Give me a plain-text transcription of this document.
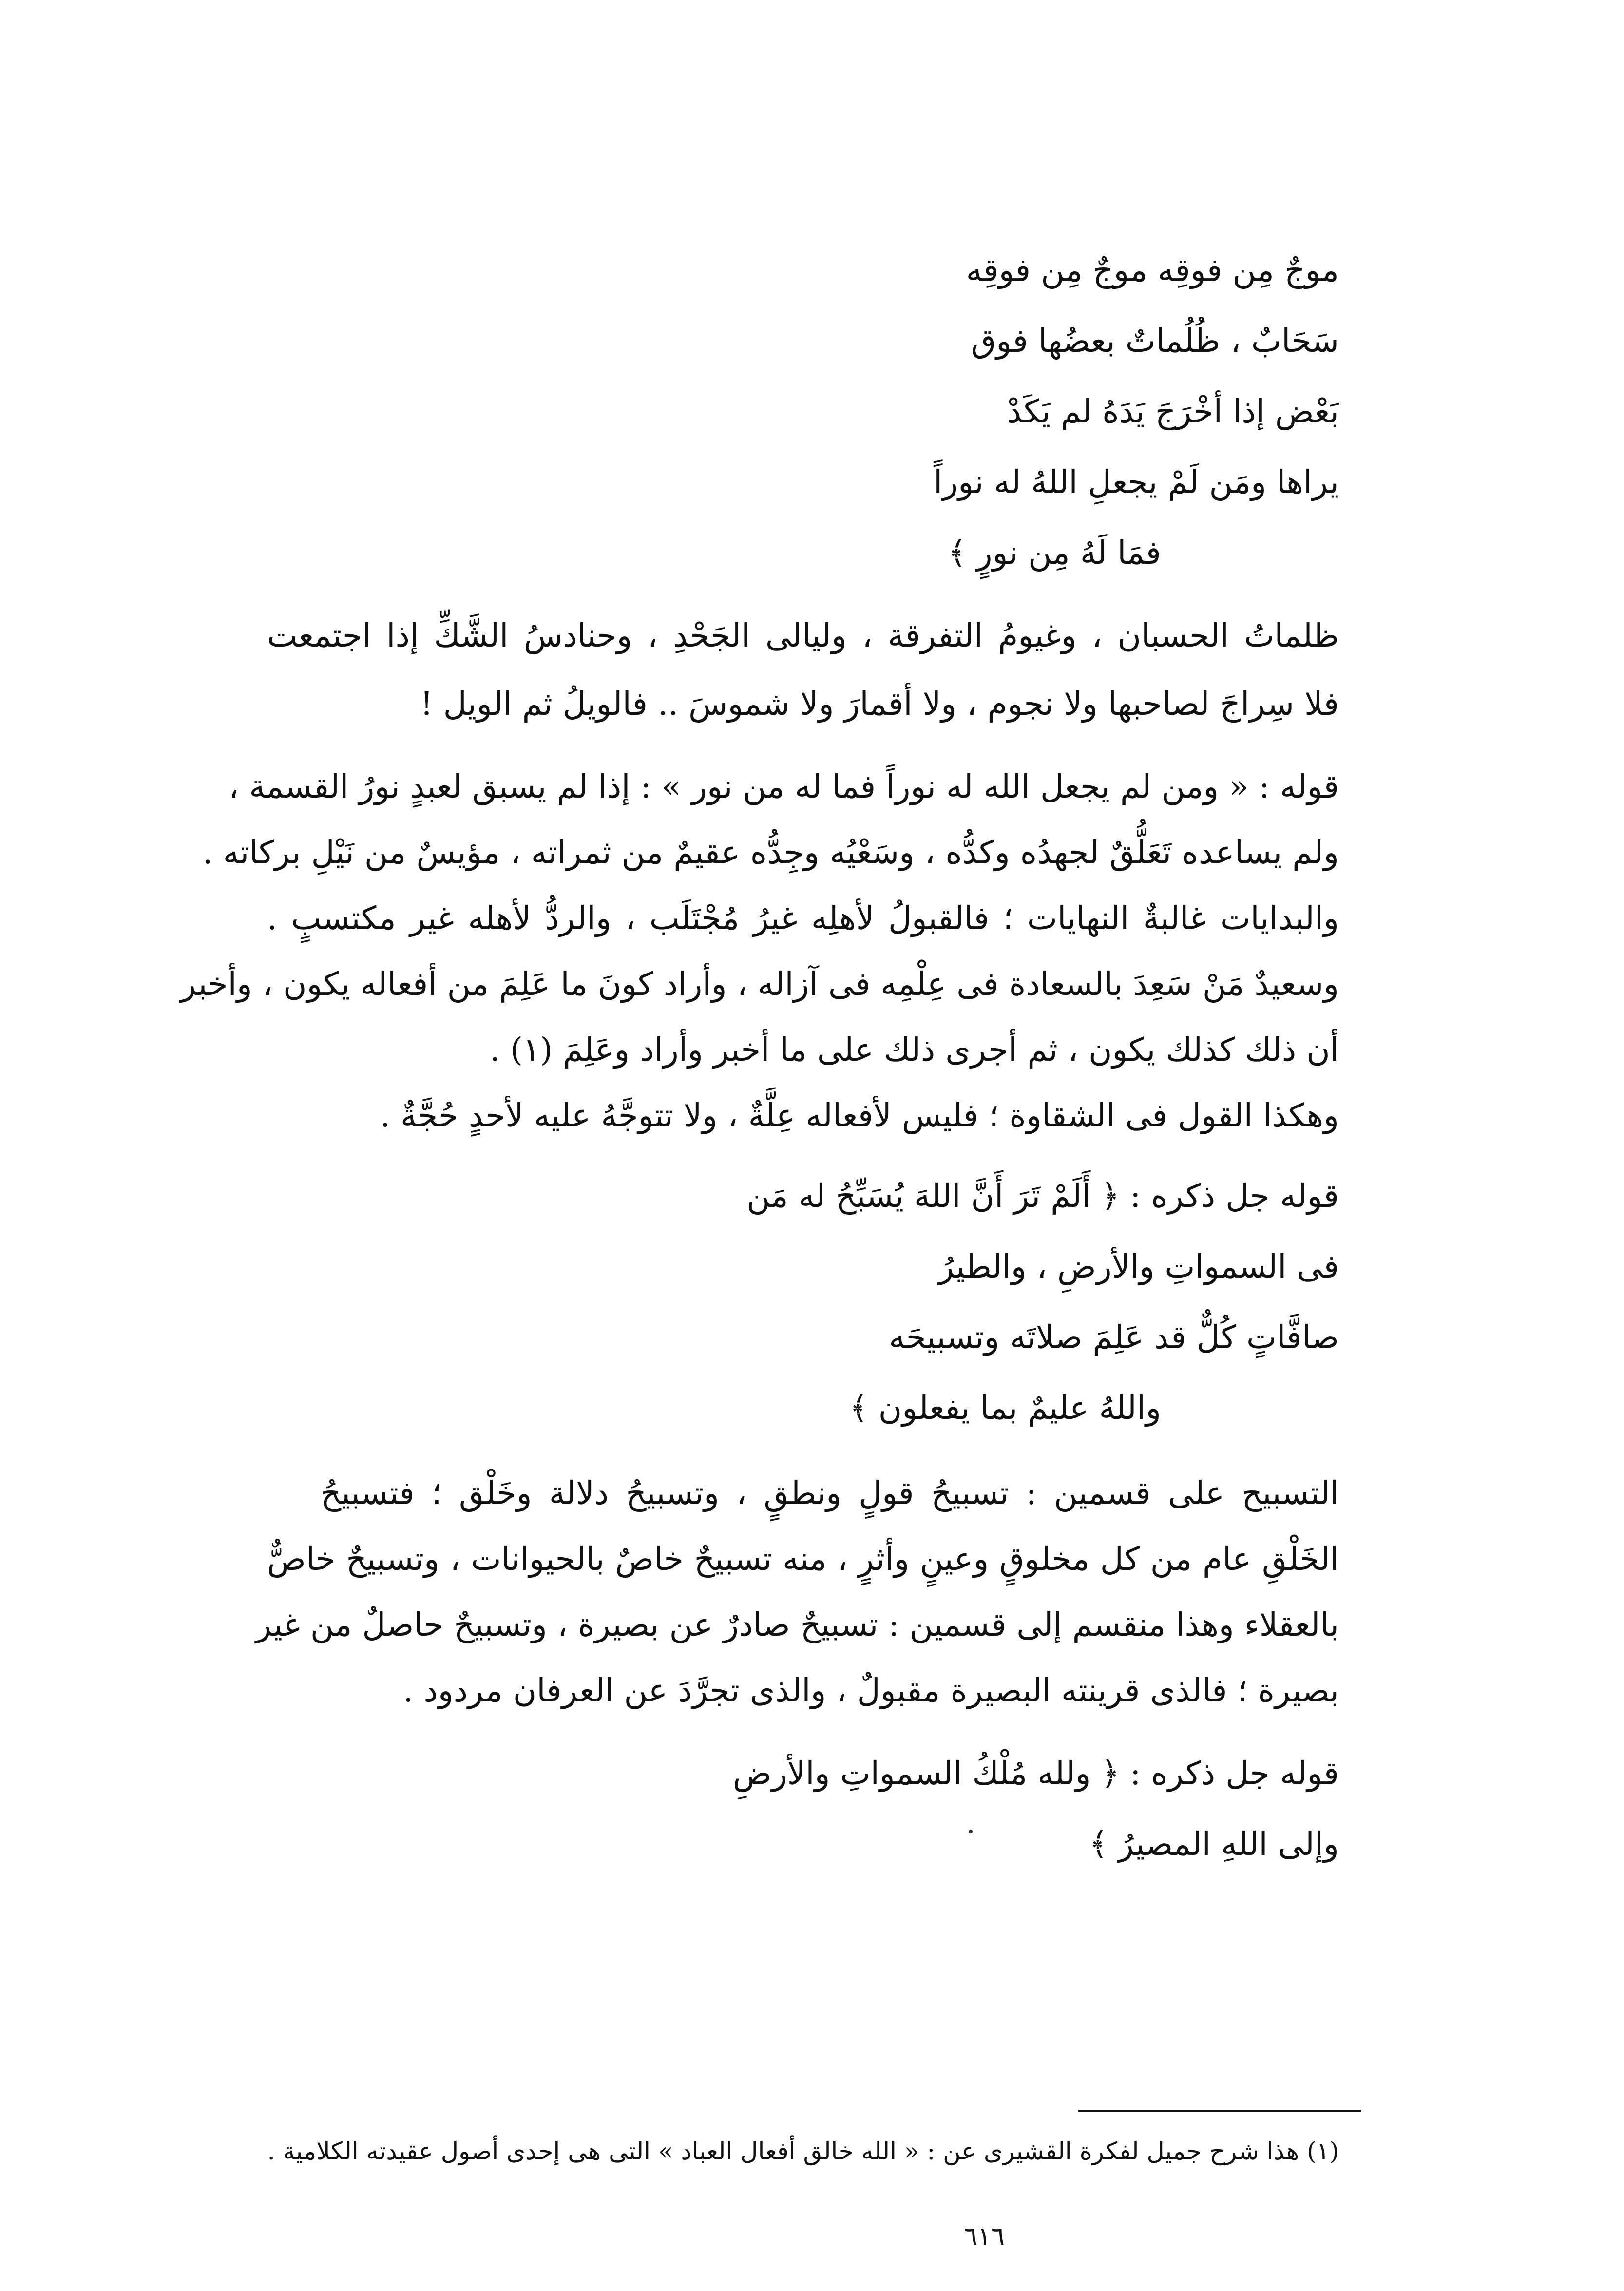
موجٌ مِن فوقِه موجٌ مِن فوقِه
سَحَابٌ ، ظُلُماتٌ بعضُها فوق
بَعْض إذا أخْرَجَ يَدَهُ لم يَكَدْ
يراها ومَن لَمْ يجعلِ اللهُ له نوراً
فمَا لَهُ مِن نورٍ ﴾
ظلماتُ الحسبان ، وغيومُ التفرقة ، وليالى الجَحْدِ ، وحنادسُ الشَّكِّ إذا اجتمعت
فلا سِراجَ لصاحبها ولا نجوم ، ولا أقمارَ ولا شموسَ .. فالويلُ ثم الويل !
قوله : « ومن لم يجعل الله له نوراً فما له من نور » : إذا لم يسبق لعبدٍ نورُ القسمة ،
ولم يساعده تَعَلُّقٌ لجهدُه وكدُّه ، وسَعْيُه وجِدُّه عقيمٌ من ثمراته ، مؤيسٌ من نَيْلِ بركاته .
والبدايات غالبةٌ النهايات ؛ فالقبولُ لأهلِه غيرُ مُجْتَلَب ، والردُّ لأهله غير مكتسبٍ .
وسعيدٌ مَنْ سَعِدَ بالسعادة فى عِلْمِه فى آزاله ، وأراد كونَ ما عَلِمَ من أفعاله يكون ، وأخبر
أن ذلك كذلك يكون ، ثم أجرى ذلك على ما أخبر وأراد وعَلِمَ (١) .
وهكذا القول فى الشقاوة ؛ فليس لأفعاله عِلَّةٌ ، ولا تتوجَّهُ عليه لأحدٍ حُجَّةٌ .
قوله جل ذكره : ﴿ أَلَمْ تَرَ أَنَّ اللهَ يُسَبِّحُ له مَن
فى السمواتِ والأرضِ ، والطيرُ
صافَّاتٍ كُلٌّ قد عَلِمَ صلاتَه وتسبيحَه
واللهُ عليمٌ بما يفعلون ﴾
التسبيح على قسمين : تسبيحُ قولٍ ونطقٍ ، وتسبيحُ دلالة وخَلْق ؛ فتسبيحُ
الخَلْقِ عام من كل مخلوقٍ وعينٍ وأثرٍ ، منه تسبيحٌ خاصٌ بالحيوانات ، وتسبيحٌ خاصٌّ
بالعقلاء وهذا منقسم إلى قسمين : تسبيحٌ صادرٌ عن بصيرة ، وتسبيحٌ حاصلٌ من غير
بصيرة ؛ فالذى قرينته البصيرة مقبولٌ ، والذى تجرَّدَ عن العرفان مردود .
قوله جل ذكره : ﴿ ولله مُلْكُ السمواتِ والأرضِ
وإلى اللهِ المصيرُ ﴾
(١) هذا شرح جميل لفكرة القشيرى عن : « الله خالق أفعال العباد » التى هى إحدى أصول عقيدته الكلامية .
٦١٦
